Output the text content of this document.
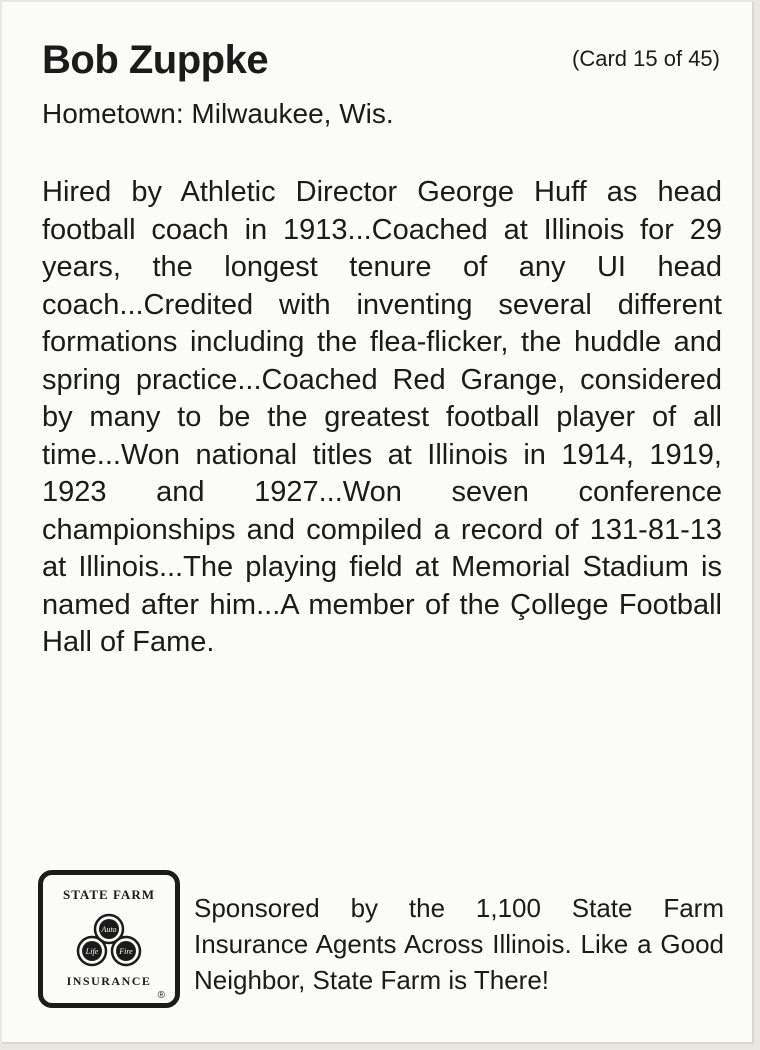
Bob Zuppke	(Card 15 of 45)
Hometown: Milwaukee, Wis.

Hired by Athletic Director George Huff as head football coach in 1913...Coached at Illinois for 29 years, the longest tenure of any UI head coach...Credited with inventing several different formations including the flea-flicker, the huddle and spring practice...Coached Red Grange, considered by many to be the greatest football player of all time...Won national titles at Illinois in 1914, 1919, 1923 and 1927...Won seven conference championships and compiled a record of 131-81-13 at Illinois...The playing field at Memorial Stadium is named after him...A member of the Çollege Football Hall of Fame.

STATE FARM
Auto
Life	Fire
INSURANCE
®

Sponsored by the 1,100 State Farm Insurance Agents Across Illinois. Like a Good Neighbor, State Farm is There!
